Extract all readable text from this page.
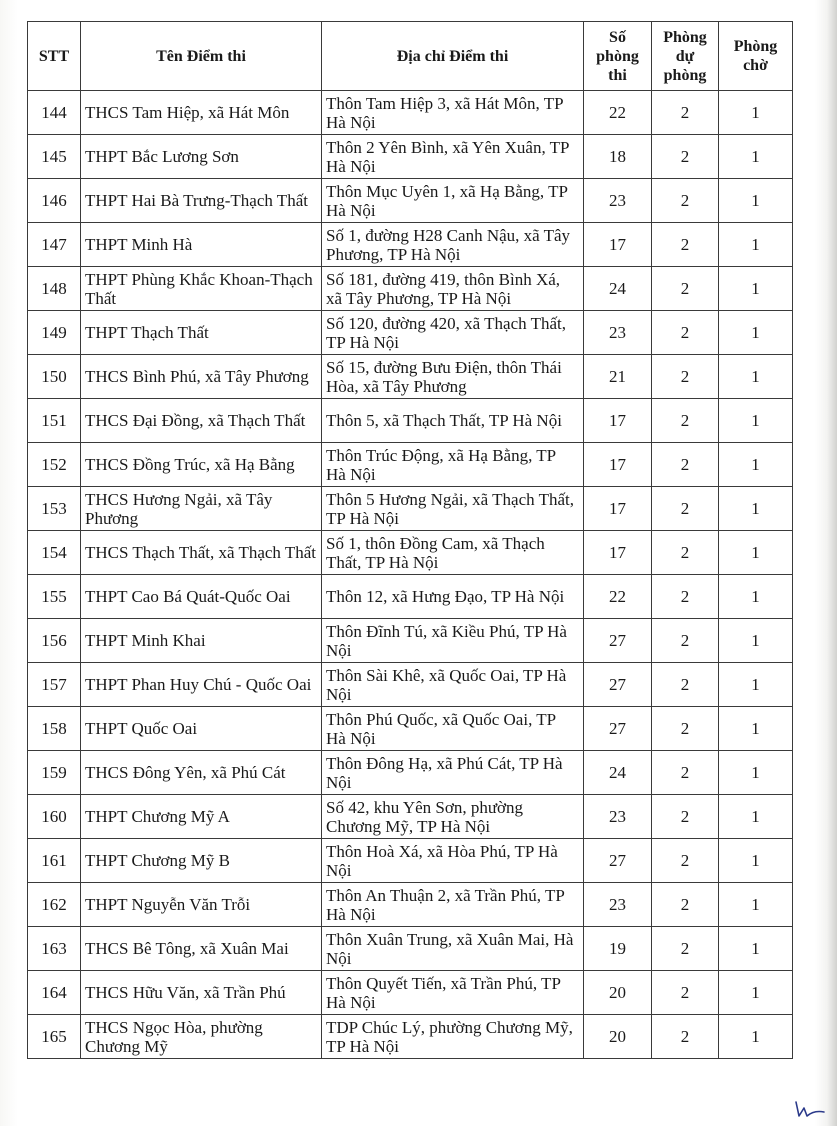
STT	Tên Điểm thi	Địa chỉ Điểm thi	Số phòng thi	Phòng dự phòng	Phòng chờ
144	THCS Tam Hiệp, xã Hát Môn	Thôn Tam Hiệp 3, xã Hát Môn, TP Hà Nội	22	2	1
145	THPT Bắc Lương Sơn	Thôn 2 Yên Bình, xã Yên Xuân, TP Hà Nội	18	2	1
146	THPT Hai Bà Trưng-Thạch Thất	Thôn Mục Uyên 1, xã Hạ Bằng, TP Hà Nội	23	2	1
147	THPT Minh Hà	Số 1, đường H28 Canh Nậu, xã Tây Phương, TP Hà Nội	17	2	1
148	THPT Phùng Khắc Khoan-Thạch Thất	Số 181, đường 419, thôn Bình Xá, xã Tây Phương, TP Hà Nội	24	2	1
149	THPT Thạch Thất	Số 120, đường 420, xã Thạch Thất, TP Hà Nội	23	2	1
150	THCS Bình Phú, xã Tây Phương	Số 15, đường Bưu Điện, thôn Thái Hòa, xã Tây Phương	21	2	1
151	THCS Đại Đồng, xã Thạch Thất	Thôn 5, xã Thạch Thất, TP Hà Nội	17	2	1
152	THCS Đồng Trúc, xã Hạ Bằng	Thôn Trúc Động, xã Hạ Bằng, TP Hà Nội	17	2	1
153	THCS Hương Ngải, xã Tây Phương	Thôn 5 Hương Ngải, xã Thạch Thất, TP Hà Nội	17	2	1
154	THCS Thạch Thất, xã Thạch Thất	Số 1, thôn Đồng Cam, xã Thạch Thất, TP Hà Nội	17	2	1
155	THPT Cao Bá Quát-Quốc Oai	Thôn 12, xã Hưng Đạo, TP Hà Nội	22	2	1
156	THPT Minh Khai	Thôn Đĩnh Tú, xã Kiều Phú, TP Hà Nội	27	2	1
157	THPT Phan Huy Chú - Quốc Oai	Thôn Sài Khê, xã Quốc Oai, TP Hà Nội	27	2	1
158	THPT Quốc Oai	Thôn Phú Quốc, xã Quốc Oai, TP Hà Nội	27	2	1
159	THCS Đông Yên, xã Phú Cát	Thôn Đông Hạ, xã Phú Cát, TP Hà Nội	24	2	1
160	THPT Chương Mỹ A	Số 42, khu Yên Sơn, phường Chương Mỹ, TP Hà Nội	23	2	1
161	THPT Chương Mỹ B	Thôn Hoà Xá, xã Hòa Phú, TP Hà Nội	27	2	1
162	THPT Nguyễn Văn Trỗi	Thôn An Thuận 2, xã Trần Phú, TP Hà Nội	23	2	1
163	THCS Bê Tông, xã Xuân Mai	Thôn Xuân Trung, xã Xuân Mai, Hà Nội	19	2	1
164	THCS Hữu Văn, xã Trần Phú	Thôn Quyết Tiến, xã Trần Phú, TP Hà Nội	20	2	1
165	THCS Ngọc Hòa, phường Chương Mỹ	TDP Chúc Lý, phường Chương Mỹ, TP Hà Nội	20	2	1
